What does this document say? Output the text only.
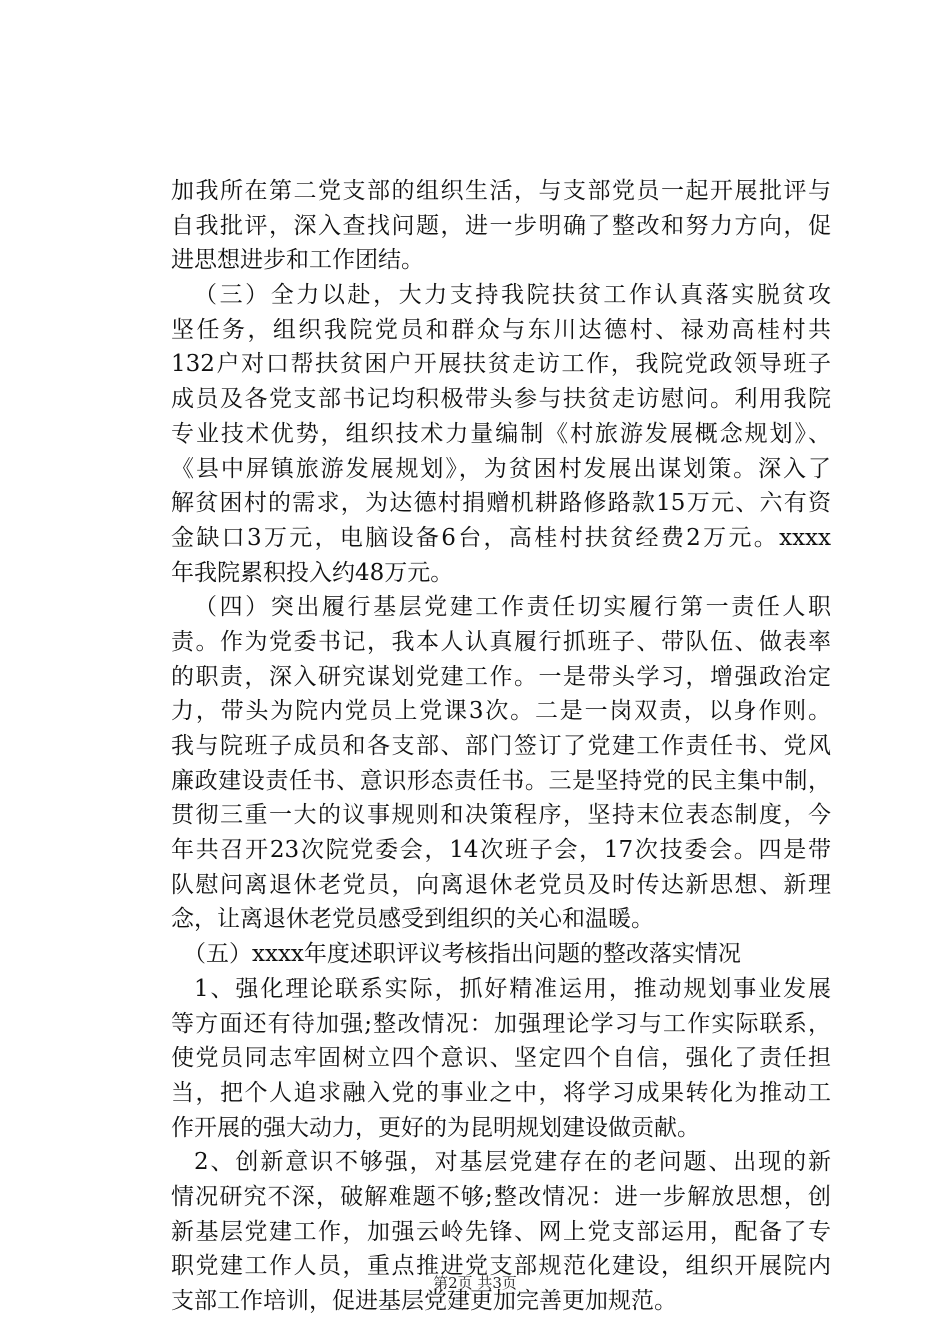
加我所在第二党支部的组织生活，与支部党员一起开展批评与
自我批评，深入查找问题，进一步明确了整改和努力方向，促
进思想进步和工作团结。
（三）全力以赴，大力支持我院扶贫工作认真落实脱贫攻
坚任务，组织我院党员和群众与东川达德村、禄劝高桂村共
132户对口帮扶贫困户开展扶贫走访工作，我院党政领导班子
成员及各党支部书记均积极带头参与扶贫走访慰问。利用我院
专业技术优势，组织技术力量编制《村旅游发展概念规划》、
《县中屏镇旅游发展规划》，为贫困村发展出谋划策。深入了
解贫困村的需求，为达德村捐赠机耕路修路款15万元、六有资
金缺口3万元，电脑设备6台，高桂村扶贫经费2万元。xxxx
年我院累积投入约48万元。
（四）突出履行基层党建工作责任切实履行第一责任人职
责。作为党委书记，我本人认真履行抓班子、带队伍、做表率
的职责，深入研究谋划党建工作。一是带头学习，增强政治定
力，带头为院内党员上党课3次。二是一岗双责，以身作则。
我与院班子成员和各支部、部门签订了党建工作责任书、党风
廉政建设责任书、意识形态责任书。三是坚持党的民主集中制，
贯彻三重一大的议事规则和决策程序，坚持末位表态制度，今
年共召开23次院党委会，14次班子会，17次技委会。四是带
队慰问离退休老党员，向离退休老党员及时传达新思想、新理
念，让离退休老党员感受到组织的关心和温暖。
（五）xxxx年度述职评议考核指出问题的整改落实情况
1、强化理论联系实际，抓好精准运用，推动规划事业发展
等方面还有待加强;整改情况：加强理论学习与工作实际联系，
使党员同志牢固树立四个意识、坚定四个自信，强化了责任担
当，把个人追求融入党的事业之中，将学习成果转化为推动工
作开展的强大动力，更好的为昆明规划建设做贡献。
2、创新意识不够强，对基层党建存在的老问题、出现的新
情况研究不深，破解难题不够;整改情况：进一步解放思想，创
新基层党建工作，加强云岭先锋、网上党支部运用，配备了专
职党建工作人员，重点推进党支部规范化建设，组织开展院内
支部工作培训，促进基层党建更加完善更加规范。
第2页 共3页
